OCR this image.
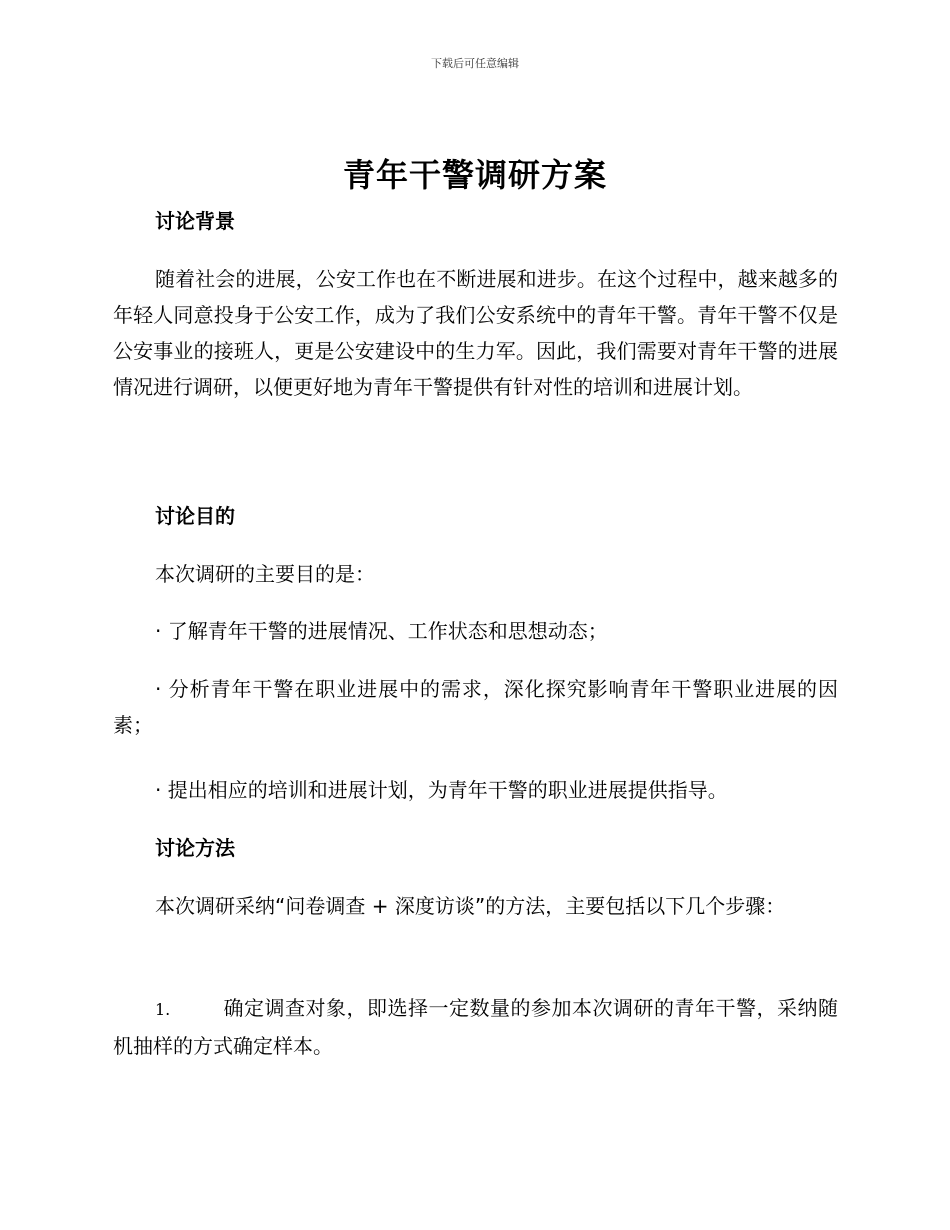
下载后可任意编辑
青年干警调研方案

讨论背景

随着社会的进展，公安工作也在不断进展和进步。在这个过程中，越来越多的年轻人同意投身于公安工作，成为了我们公安系统中的青年干警。青年干警不仅是公安事业的接班人，更是公安建设中的生力军。因此，我们需要对青年干警的进展情况进行调研，以便更好地为青年干警提供有针对性的培训和进展计划。

讨论目的

本次调研的主要目的是：

· 了解青年干警的进展情况、工作状态和思想动态；

· 分析青年干警在职业进展中的需求，深化探究影响青年干警职业进展的因素；

· 提出相应的培训和进展计划，为青年干警的职业进展提供指导。

讨论方法

本次调研采纳“问卷调查 + 深度访谈”的方法，主要包括以下几个步骤：

1.	确定调查对象，即选择一定数量的参加本次调研的青年干警，采纳随机抽样的方式确定样本。
